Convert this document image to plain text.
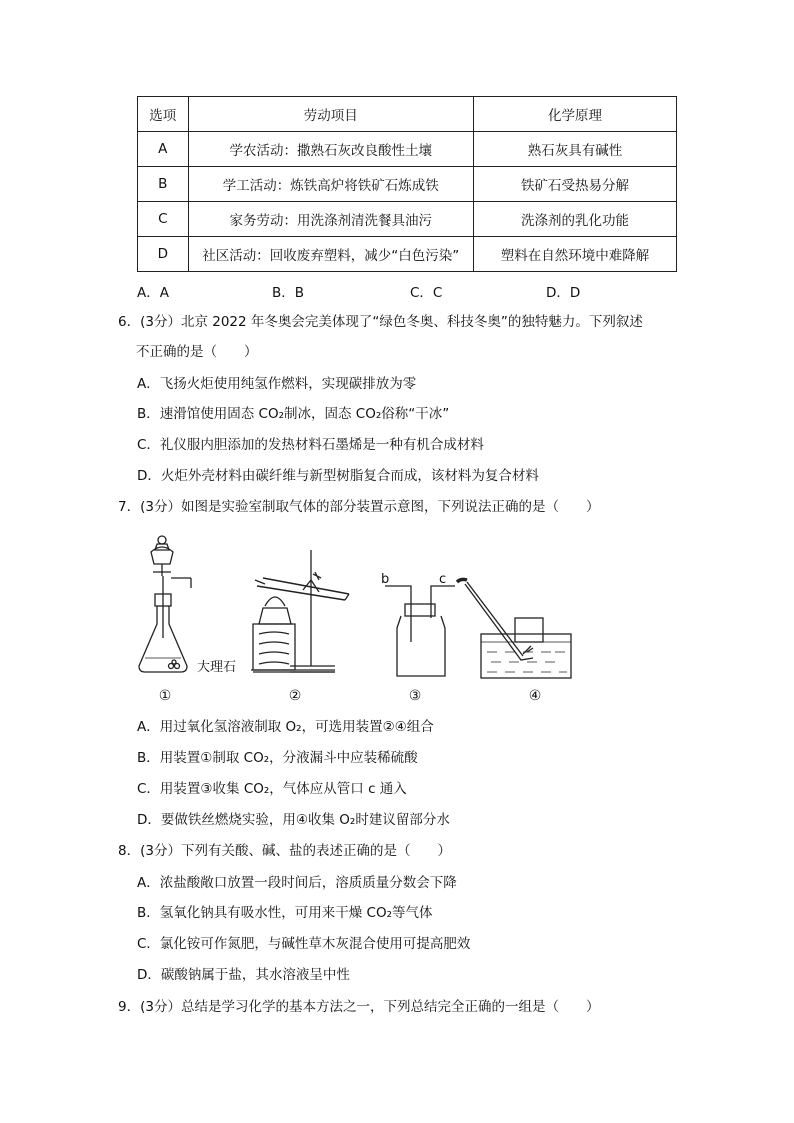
选项	劳动项目	化学原理
A	学农活动：撒熟石灰改良酸性土壤	熟石灰具有碱性
B	学工活动：炼铁高炉将铁矿石炼成铁	铁矿石受热易分解
C	家务劳动：用洗涤剂清洗餐具油污	洗涤剂的乳化功能
D	社区活动：回收废弃塑料，减少“白色污染”	塑料在自然环境中难降解
A．A	B．B	C．C	D．D
6．(3分）北京 2022 年冬奥会完美体现了“绿色冬奥、科技冬奥”的独特魅力。下列叙述
不正确的是（　　）
A．飞扬火炬使用纯氢作燃料，实现碳排放为零
B．速滑馆使用固态 CO₂制冰，固态 CO₂俗称“干冰”
C．礼仪服内胆添加的发热材料石墨烯是一种有机合成材料
D．火炬外壳材料由碳纤维与新型树脂复合而成，该材料为复合材料
7．(3分）如图是实验室制取气体的部分装置示意图，下列说法正确的是（　　）
大理石
①	②
b	c
③	④
A．用过氧化氢溶液制取 O₂，可选用装置②④组合
B．用装置①制取 CO₂，分液漏斗中应装稀硫酸
C．用装置③收集 CO₂，气体应从管口 c 通入
D．要做铁丝燃烧实验，用④收集 O₂时建议留部分水
8．(3分）下列有关酸、碱、盐的表述正确的是（　　）
A．浓盐酸敞口放置一段时间后，溶质质量分数会下降
B．氢氧化钠具有吸水性，可用来干燥 CO₂等气体
C．氯化铵可作氮肥，与碱性草木灰混合使用可提高肥效
D．碳酸钠属于盐，其水溶液呈中性
9．(3分）总结是学习化学的基本方法之一，下列总结完全正确的一组是（　　）
